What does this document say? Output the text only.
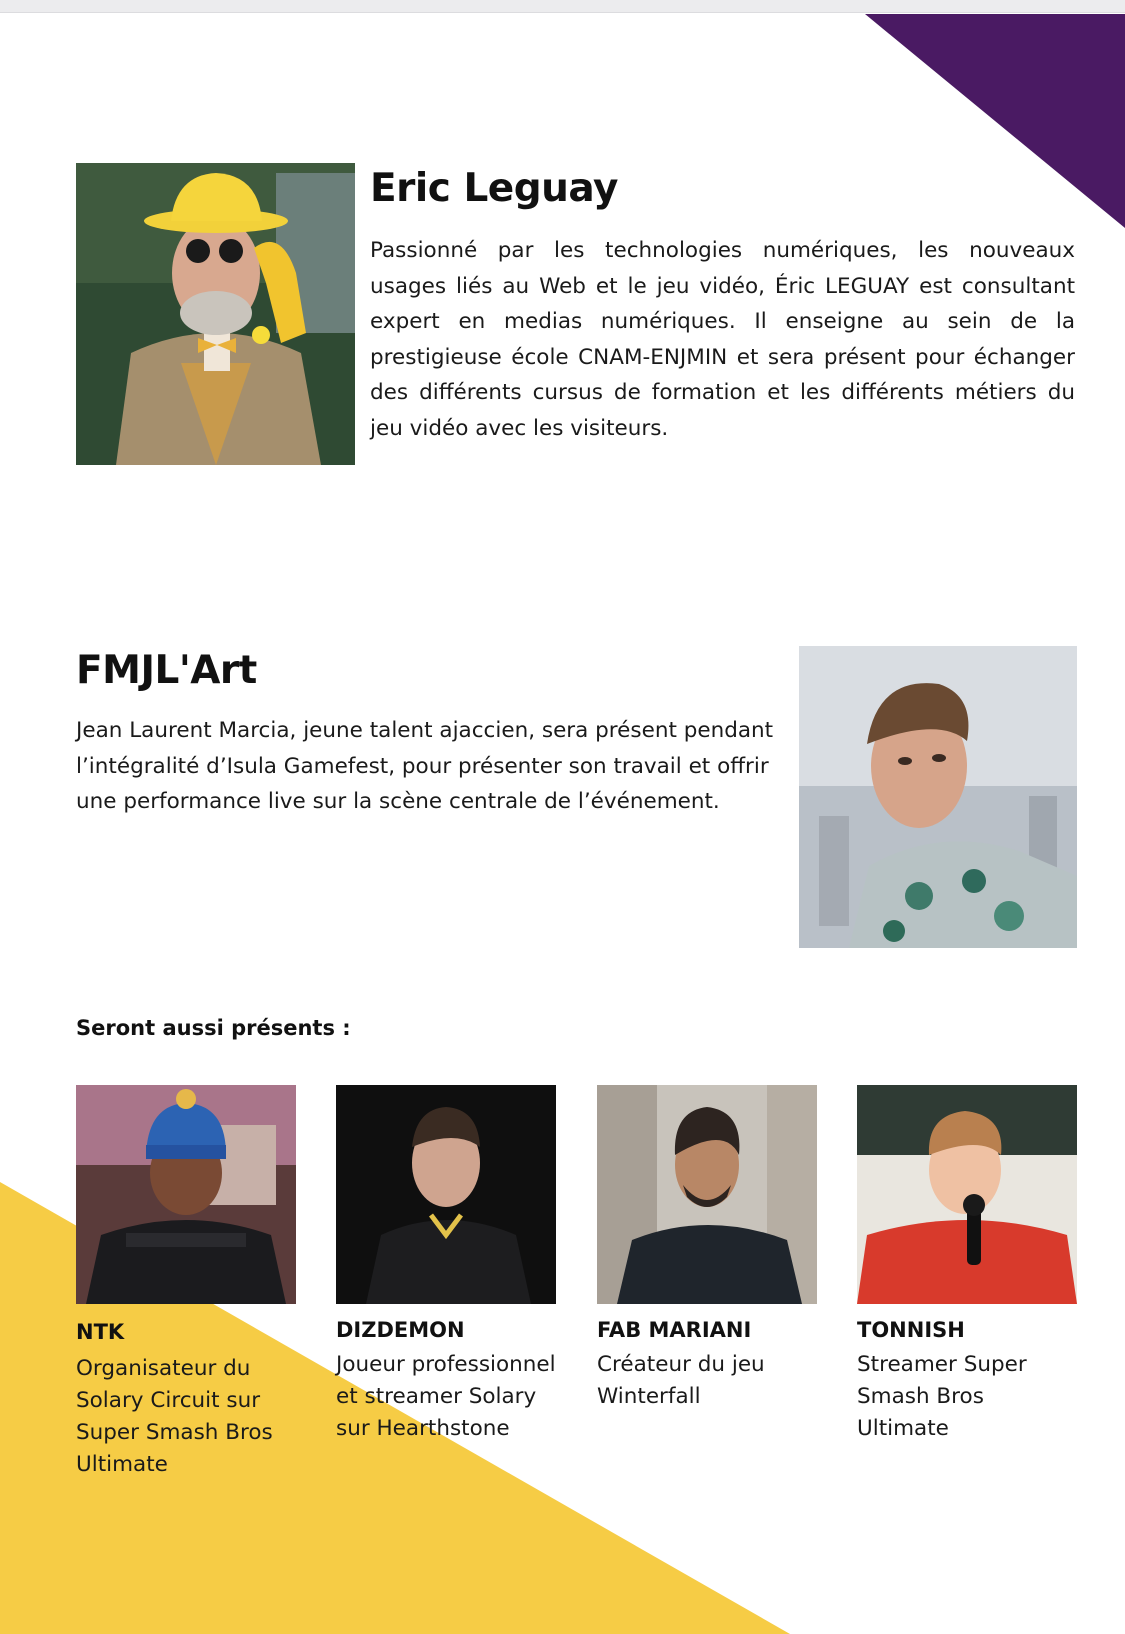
Eric Leguay

Passionné par les technologies numériques, les nouveaux usages liés au Web et le jeu vidéo, Éric LEGUAY est consultant expert en medias numériques. Il enseigne au sein de la prestigieuse école CNAM-ENJMIN et sera présent pour échanger des différents cursus de formation et les différents métiers du jeu vidéo avec les visiteurs.

FMJL'Art

Jean Laurent Marcia, jeune talent ajaccien, sera présent pendant l’intégralité d’Isula Gamefest, pour présenter son travail et offrir une performance live sur la scène centrale de l’événement.

Seront aussi présents :
NTK

Organisateur du Solary Circuit sur Super Smash Bros Ultimate

DIZDEMON

Joueur professionnel et streamer Solary sur Hearthstone

FAB MARIANI

Créateur du jeu Winterfall

TONNISH

Streamer Super Smash Bros Ultimate
